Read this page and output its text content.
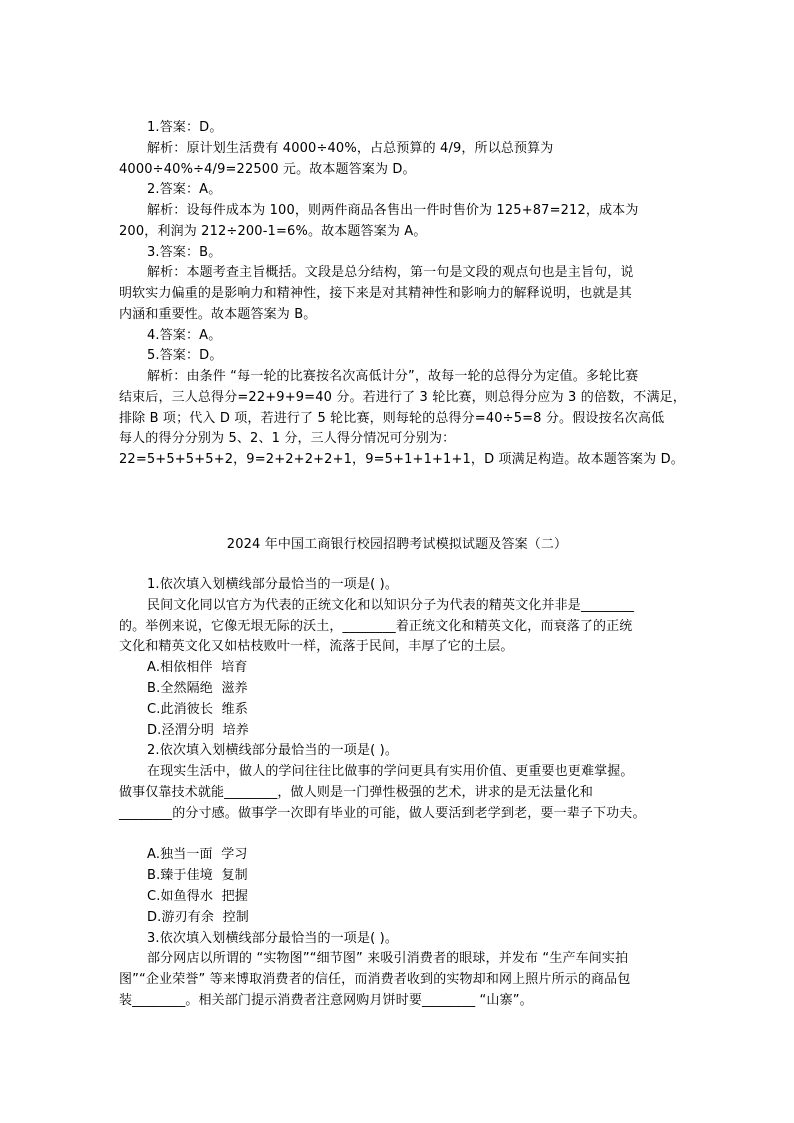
1.答案：D。
解析：原计划生活费有 4000÷40%，占总预算的 4/9，所以总预算为
4000÷40%÷4/9=22500 元。故本题答案为 D。
2.答案：A。
解析：设每件成本为 100，则两件商品各售出一件时售价为 125+87=212，成本为
200，利润为 212÷200-1=6%。故本题答案为 A。
3.答案：B。
解析：本题考查主旨概括。文段是总分结构，第一句是文段的观点句也是主旨句，说
明软实力偏重的是影响力和精神性，接下来是对其精神性和影响力的解释说明，也就是其
内涵和重要性。故本题答案为 B。
4.答案：A。
5.答案：D。
解析：由条件 “每一轮的比赛按名次高低计分”，故每一轮的总得分为定值。多轮比赛
结束后，三人总得分=22+9+9=40 分。若进行了 3 轮比赛，则总得分应为 3 的倍数，不满足，
排除 B 项；代入 D 项，若进行了 5 轮比赛，则每轮的总得分=40÷5=8 分。假设按名次高低
每人的得分分别为 5、2、1 分，三人得分情况可分别为：
22=5+5+5+5+2，9=2+2+2+2+1，9=5+1+1+1+1，D 项满足构造。故本题答案为 D。
2024 年中国工商银行校园招聘考试模拟试题及答案（二）
1.依次填入划横线部分最恰当的一项是( )。
民间文化同以官方为代表的正统文化和以知识分子为代表的精英文化并非是________
的。举例来说，它像无垠无际的沃土，________着正统文化和精英文化，而衰落了的正统
文化和精英文化又如枯枝败叶一样，流落于民间，丰厚了它的土层。
A.相依相伴  培育
B.全然隔绝  滋养
C.此消彼长  维系
D.泾渭分明  培养
2.依次填入划横线部分最恰当的一项是( )。
在现实生活中，做人的学问往往比做事的学问更具有实用价值、更重要也更难掌握。
做事仅靠技术就能________，做人则是一门弹性极强的艺术，讲求的是无法量化和
________的分寸感。做事学一次即有毕业的可能，做人要活到老学到老，要一辈子下功夫。
A.独当一面  学习
B.臻于佳境  复制
C.如鱼得水  把握
D.游刃有余  控制
3.依次填入划横线部分最恰当的一项是( )。
部分网店以所谓的 “实物图”“细节图” 来吸引消费者的眼球，并发布 “生产车间实拍
图”“企业荣誉” 等来博取消费者的信任，而消费者收到的实物却和网上照片所示的商品包
装________。相关部门提示消费者注意网购月饼时要________ “山寨”。
